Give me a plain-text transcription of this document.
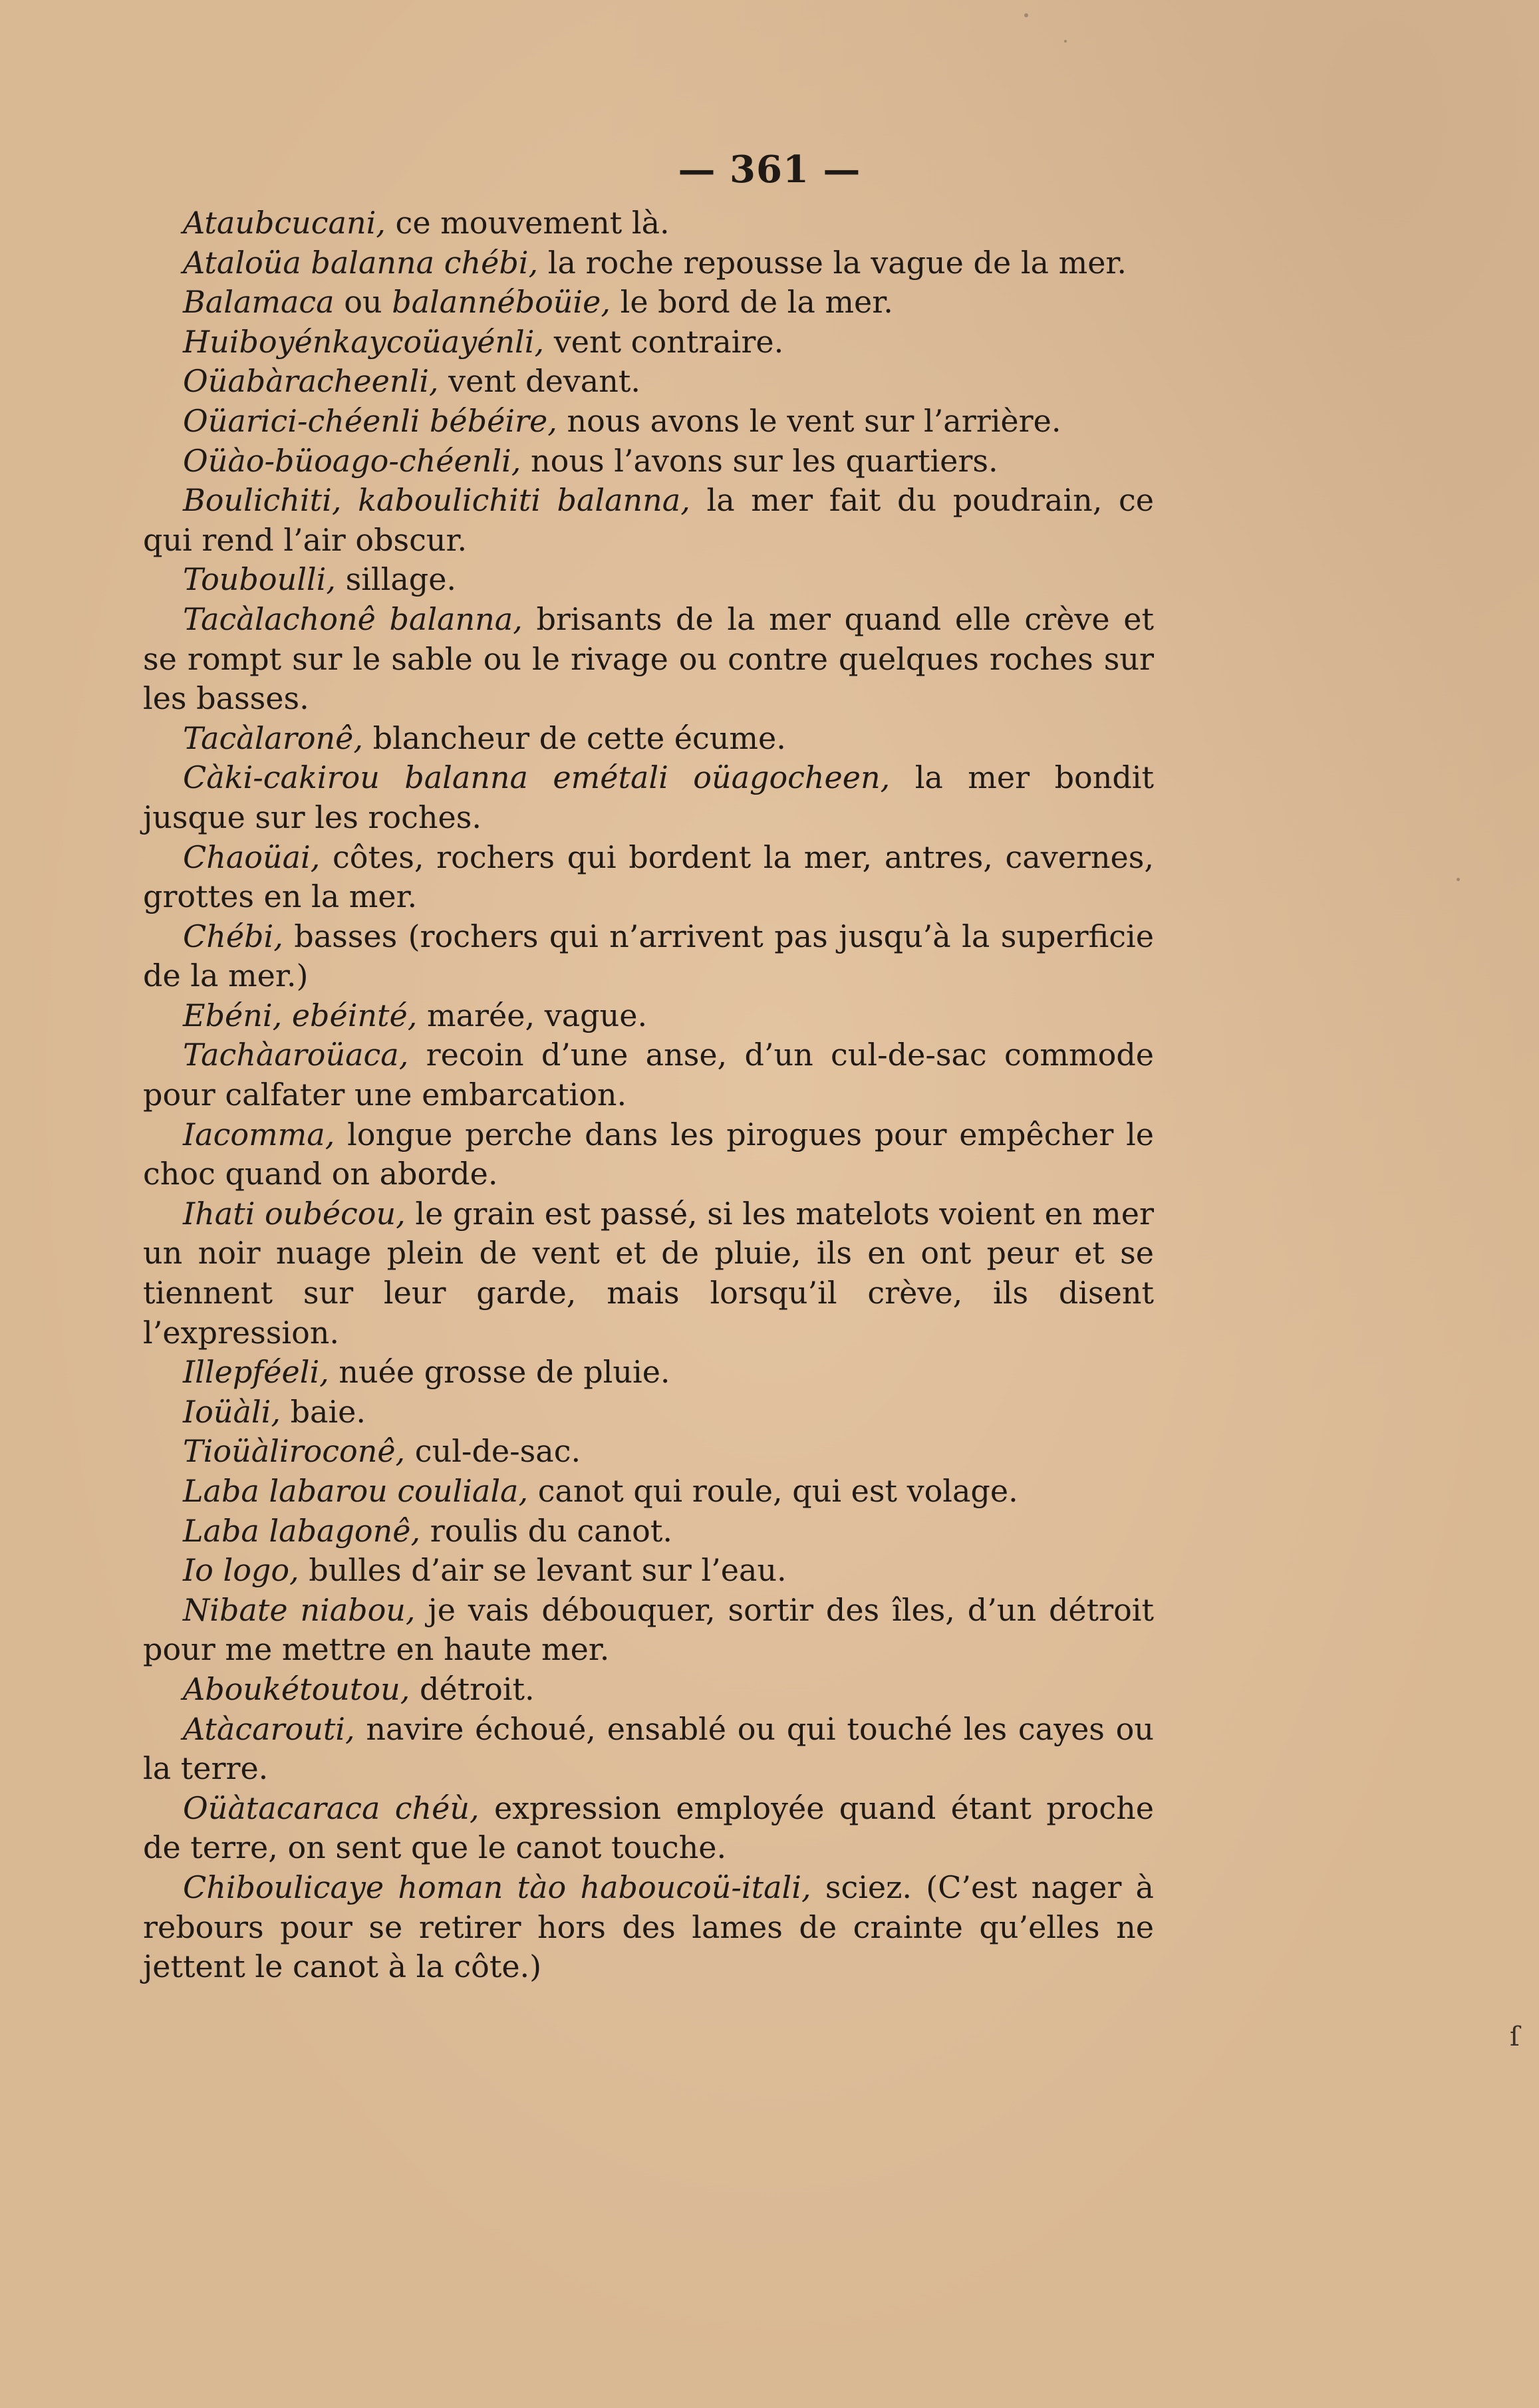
— 361 —

Ataubcucani, ce mouvement là.

Ataloüa balanna chébi, la roche repousse la vague de la mer.

Balamaca ou balannéboüie, le bord de la mer.

Huiboyénkaycoüayénli, vent contraire.

Oüabàracheenli, vent devant.

Oüarici-chéenli bébéire, nous avons le vent sur l’arrière.

Oüào-büoago-chéenli, nous l’avons sur les quartiers.

Boulichiti, kaboulichiti balanna, la mer fait du poudrain, ce qui rend l’air obscur.

Touboulli, sillage.

Tacàlachonê balanna, brisants de la mer quand elle crève et se rompt sur le sable ou le rivage ou contre quelques roches sur les basses.

Tacàlaronê, blancheur de cette écume.

Càki-cakirou balanna emétali oüagocheen, la mer bondit jusque sur les roches.

Chaoüai, côtes, rochers qui bordent la mer, antres, cavernes, grottes en la mer.

Chébi, basses (rochers qui n’arrivent pas jusqu’à la superficie de la mer.)

Ebéni, ebéinté, marée, vague.

Tachàaroüaca, recoin d’une anse, d’un cul-de-sac commode pour calfater une embarcation.

Iacomma, longue perche dans les pirogues pour empêcher le choc quand on aborde.

Ihati oubécou, le grain est passé, si les matelots voient en mer un noir nuage plein de vent et de pluie, ils en ont peur et se tiennent sur leur garde, mais lorsqu’il crève, ils disent l’expression.

Illepféeli, nuée grosse de pluie.

Ioüàli, baie.

Tioüàliroconê, cul-de-sac.

Laba labarou couliala, canot qui roule, qui est volage.

Laba labagonê, roulis du canot.

Io logo, bulles d’air se levant sur l’eau.

Nibate niabou, je vais débouquer, sortir des îles, d’un détroit pour me mettre en haute mer.

Aboukétoutou, détroit.

Atàcarouti, navire échoué, ensablé ou qui touché les cayes ou la terre.

Oüàtacaraca chéù, expression employée quand étant proche de terre, on sent que le canot touche.

Chiboulicaye homan tào haboucoü-itali, sciez. (C’est nager à rebours pour se retirer hors des lames de crainte qu’elles ne jettent le canot à la côte.)

ſ
